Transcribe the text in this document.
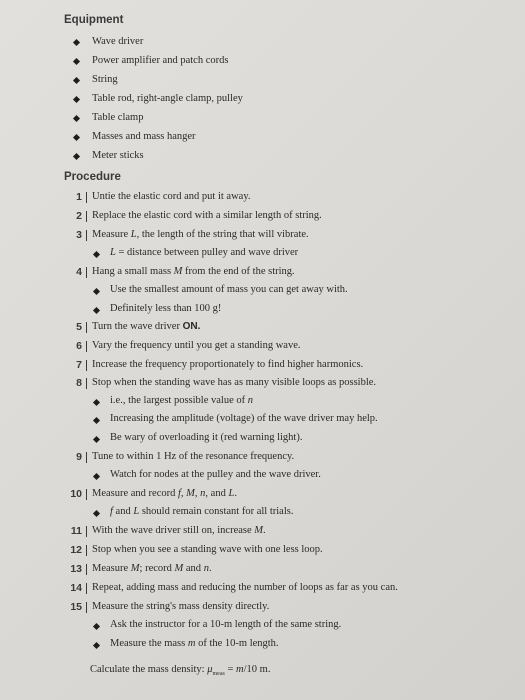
Equipment
Wave driver
Power amplifier and patch cords
String
Table rod, right-angle clamp, pulley
Table clamp
Masses and mass hanger
Meter sticks
Procedure
1 Untie the elastic cord and put it away.
2 Replace the elastic cord with a similar length of string.
3 Measure L, the length of the string that will vibrate.
L = distance between pulley and wave driver
4 Hang a small mass M from the end of the string.
Use the smallest amount of mass you can get away with.
Definitely less than 100 g!
5 Turn the wave driver ON.
6 Vary the frequency until you get a standing wave.
7 Increase the frequency proportionately to find higher harmonics.
8 Stop when the standing wave has as many visible loops as possible.
i.e., the largest possible value of n
Increasing the amplitude (voltage) of the wave driver may help.
Be wary of overloading it (red warning light).
9 Tune to within 1 Hz of the resonance frequency.
Watch for nodes at the pulley and the wave driver.
10 Measure and record f, M, n, and L.
f and L should remain constant for all trials.
11 With the wave driver still on, increase M.
12 Stop when you see a standing wave with one less loop.
13 Measure M; record M and n.
14 Repeat, adding mass and reducing the number of loops as far as you can.
15 Measure the string's mass density directly.
Ask the instructor for a 10-m length of the same string.
Measure the mass m of the 10-m length.
Calculate the mass density: $\mu_{meas} = m/10$ m.
